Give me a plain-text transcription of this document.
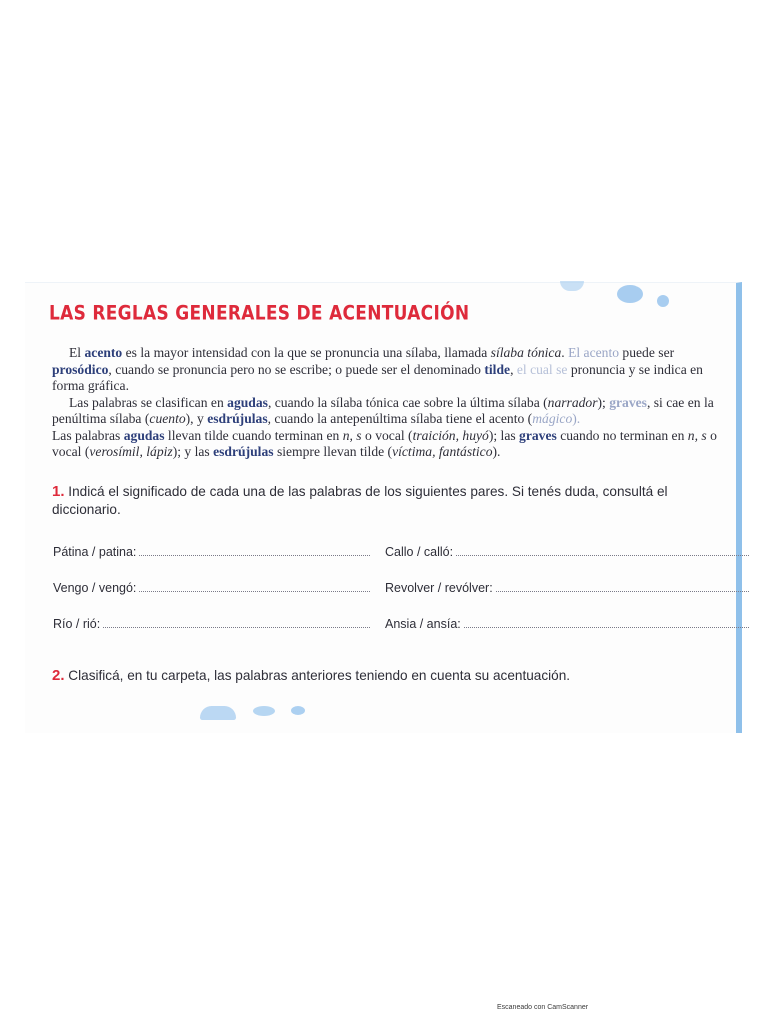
LAS REGLAS GENERALES DE ACENTUACIÓN

El acento es la mayor intensidad con la que se pronuncia una sílaba, llamada sílaba tónica. El acento puede ser prosódico, cuando se pronuncia pero no se escribe; o puede ser el denominado tilde, el cual se pronuncia y se indica en forma gráfica.

Las palabras se clasifican en agudas, cuando la sílaba tónica cae sobre la última sílaba (narrador); graves, si cae en la penúltima sílaba (cuento), y esdrújulas, cuando la antepenúltima sílaba tiene el acento (mágico).

Las palabras agudas llevan tilde cuando terminan en n, s o vocal (traición, huyó); las graves cuando no terminan en n, s o vocal (verosímil, lápiz); y las esdrújulas siempre llevan tilde (víctima, fantástico).

1. Indicá el significado de cada una de las palabras de los siguientes pares. Si tenés duda, consultá el diccionario.
Pátina / patina:	Callo / calló:
Vengo / vengó:	Revolver / revólver:
Río / rió:	Ansia / ansía:
2. Clasificá, en tu carpeta, las palabras anteriores teniendo en cuenta su acentuación.
Escaneado con CamScanner
